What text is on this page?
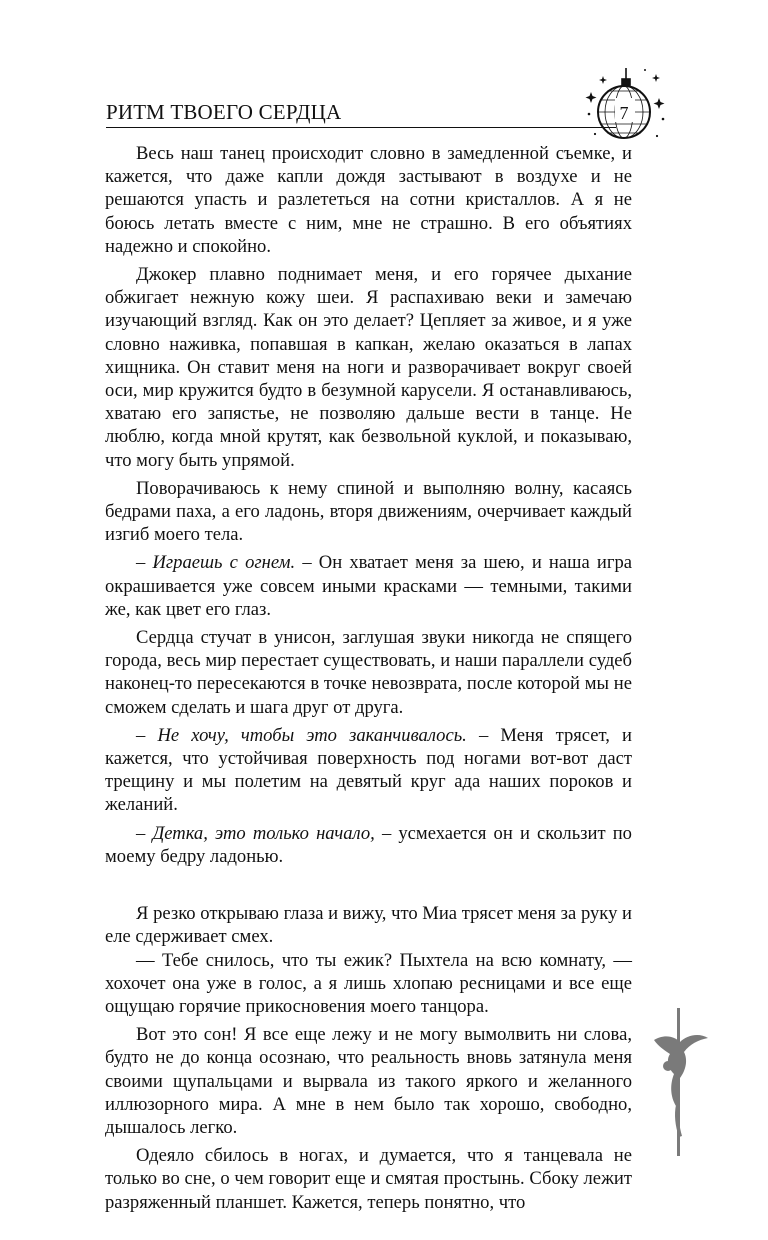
РИТМ ТВОЕГО СЕРДЦА	7

Весь наш танец происходит словно в замедленной съемке, и кажется, что даже капли дождя застывают в воздухе и не решаются упасть и разлететься на сотни кристаллов. А я не боюсь летать вместе с ним, мне не страшно. В его объятиях надежно и спокойно.

Джокер плавно поднимает меня, и его горячее дыхание обжигает нежную кожу шеи. Я распахиваю веки и замечаю изучающий взгляд. Как он это делает? Цепляет за живое, и я уже словно наживка, попавшая в капкан, желаю оказаться в лапах хищника. Он ставит меня на ноги и разворачивает вокруг своей оси, мир кружится будто в безумной карусели. Я останавливаюсь, хватаю его запястье, не позволяю дальше вести в танце. Не люблю, когда мной крутят, как безвольной куклой, и показываю, что могу быть упрямой.

Поворачиваюсь к нему спиной и выполняю волну, касаясь бедрами паха, а его ладонь, вторя движениям, очерчивает каждый изгиб моего тела.

– Играешь с огнем. – Он хватает меня за шею, и наша игра окрашивается уже совсем иными красками — темными, такими же, как цвет его глаз.

Сердца стучат в унисон, заглушая звуки никогда не спящего города, весь мир перестает существовать, и наши параллели судеб наконец-то пересекаются в точке невозврата, после которой мы не сможем сделать и шага друг от друга.

– Не хочу, чтобы это заканчивалось. – Меня трясет, и кажется, что устойчивая поверхность под ногами вот-вот даст трещину и мы полетим на девятый круг ада наших пороков и желаний.

– Детка, это только начало, – усмехается он и скользит по моему бедру ладонью.

Я резко открываю глаза и вижу, что Миа трясет меня за руку и еле сдерживает смех.

— Тебе снилось, что ты ежик? Пыхтела на всю комнату, — хохочет она уже в голос, а я лишь хлопаю ресницами и все еще ощущаю горячие прикосновения моего танцора.

Вот это сон! Я все еще лежу и не могу вымолвить ни слова, будто не до конца осознаю, что реальность вновь затянула меня своими щупальцами и вырвала из такого яркого и желанного иллюзорного мира. А мне в нем было так хорошо, свободно, дышалось легко.

Одеяло сбилось в ногах, и думается, что я танцевала не только во сне, о чем говорит еще и смятая простынь. Сбоку лежит разряженный планшет. Кажется, теперь понятно, что
